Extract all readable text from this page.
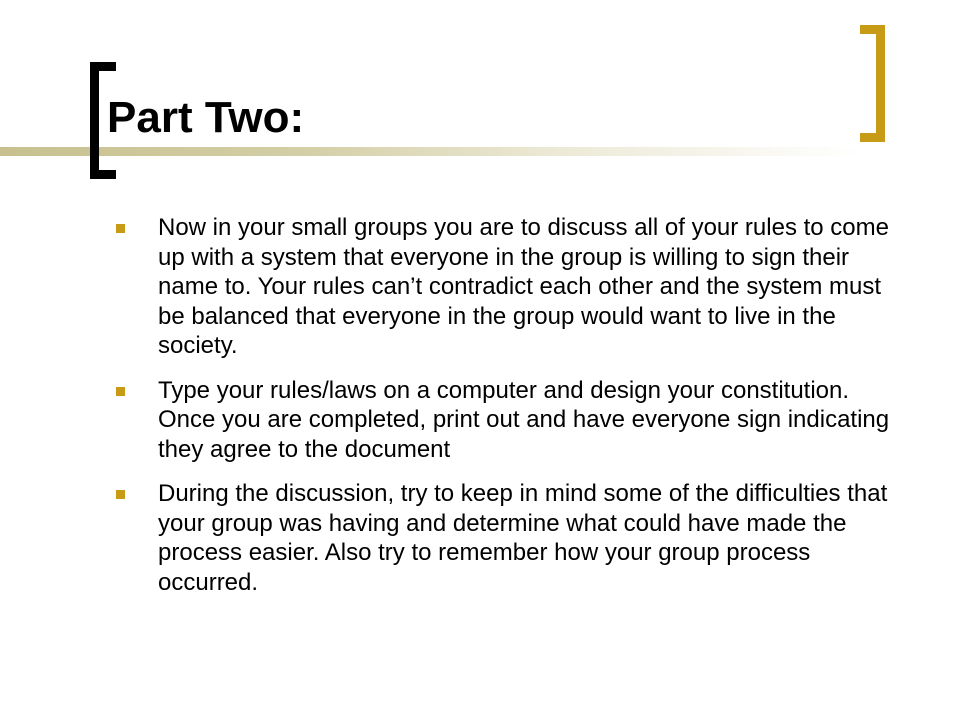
Part Two:
Now in your small groups you are to discuss all of your rules to come up with a system that everyone in the group is willing to sign their name to. Your rules can’t contradict each other and the system must be balanced that everyone in the group would want to live in the society.
Type your rules/laws on a computer and design your constitution. Once you are completed, print out and have everyone sign indicating they agree to the document
During the discussion, try to keep in mind some of the difficulties that your group was having and determine what could have made the process easier. Also try to remember how your group process occurred.
